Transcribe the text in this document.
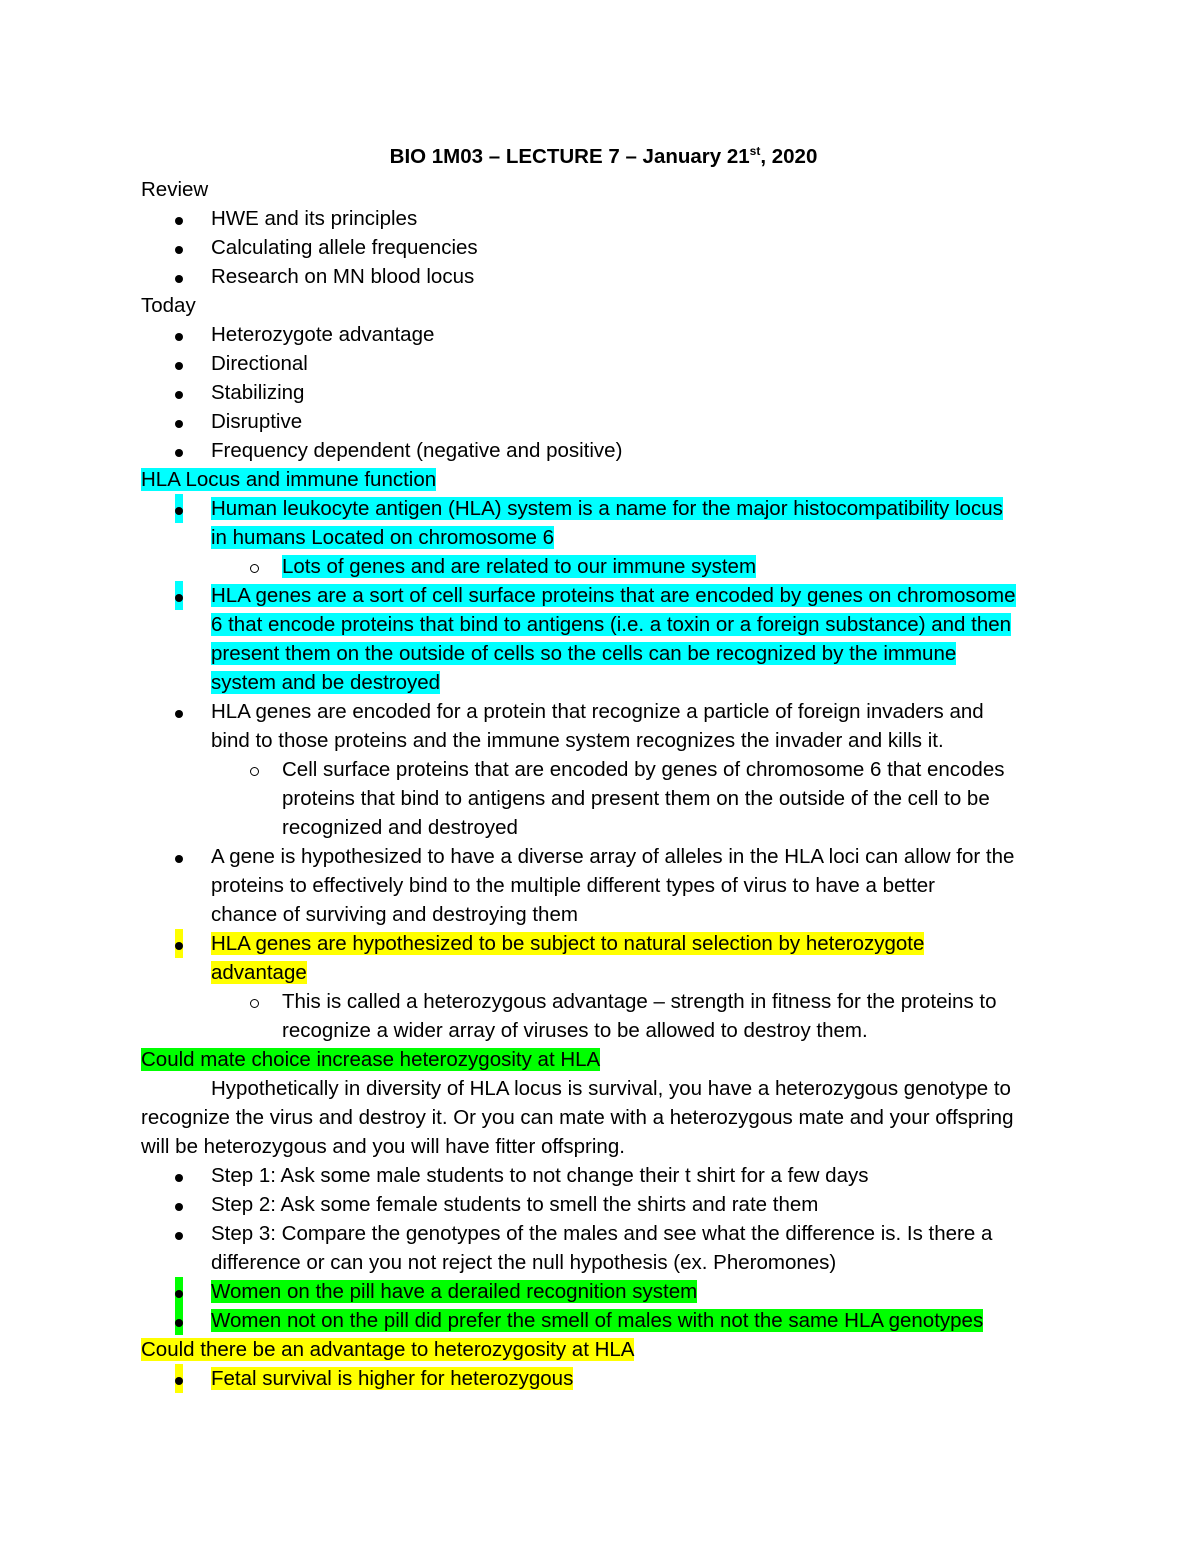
BIO 1M03 – LECTURE 7 – January 21st, 2020
Review
HWE and its principles
Calculating allele frequencies
Research on MN blood locus
Today
Heterozygote advantage
Directional
Stabilizing
Disruptive
Frequency dependent (negative and positive)
HLA Locus and immune function
Human leukocyte antigen (HLA) system is a name for the major histocompatibility locus
in humans Located on chromosome 6
Lots of genes and are related to our immune system
HLA genes are a sort of cell surface proteins that are encoded by genes on chromosome
6 that encode proteins that bind to antigens (i.e. a toxin or a foreign substance) and then
present them on the outside of cells so the cells can be recognized by the immune
system and be destroyed
HLA genes are encoded for a protein that recognize a particle of foreign invaders and
bind to those proteins and the immune system recognizes the invader and kills it.
Cell surface proteins that are encoded by genes of chromosome 6 that encodes
proteins that bind to antigens and present them on the outside of the cell to be
recognized and destroyed
A gene is hypothesized to have a diverse array of alleles in the HLA loci can allow for the
proteins to effectively bind to the multiple different types of virus to have a better
chance of surviving and destroying them
HLA genes are hypothesized to be subject to natural selection by heterozygote
advantage
This is called a heterozygous advantage – strength in fitness for the proteins to
recognize a wider array of viruses to be allowed to destroy them.
Could mate choice increase heterozygosity at HLA
Hypothetically in diversity of HLA locus is survival, you have a heterozygous genotype to
recognize the virus and destroy it. Or you can mate with a heterozygous mate and your offspring
will be heterozygous and you will have fitter offspring.
Step 1: Ask some male students to not change their t shirt for a few days
Step 2: Ask some female students to smell the shirts and rate them
Step 3: Compare the genotypes of the males and see what the difference is. Is there a
difference or can you not reject the null hypothesis (ex. Pheromones)
Women on the pill have a derailed recognition system
Women not on the pill did prefer the smell of males with not the same HLA genotypes
Could there be an advantage to heterozygosity at HLA
Fetal survival is higher for heterozygous
